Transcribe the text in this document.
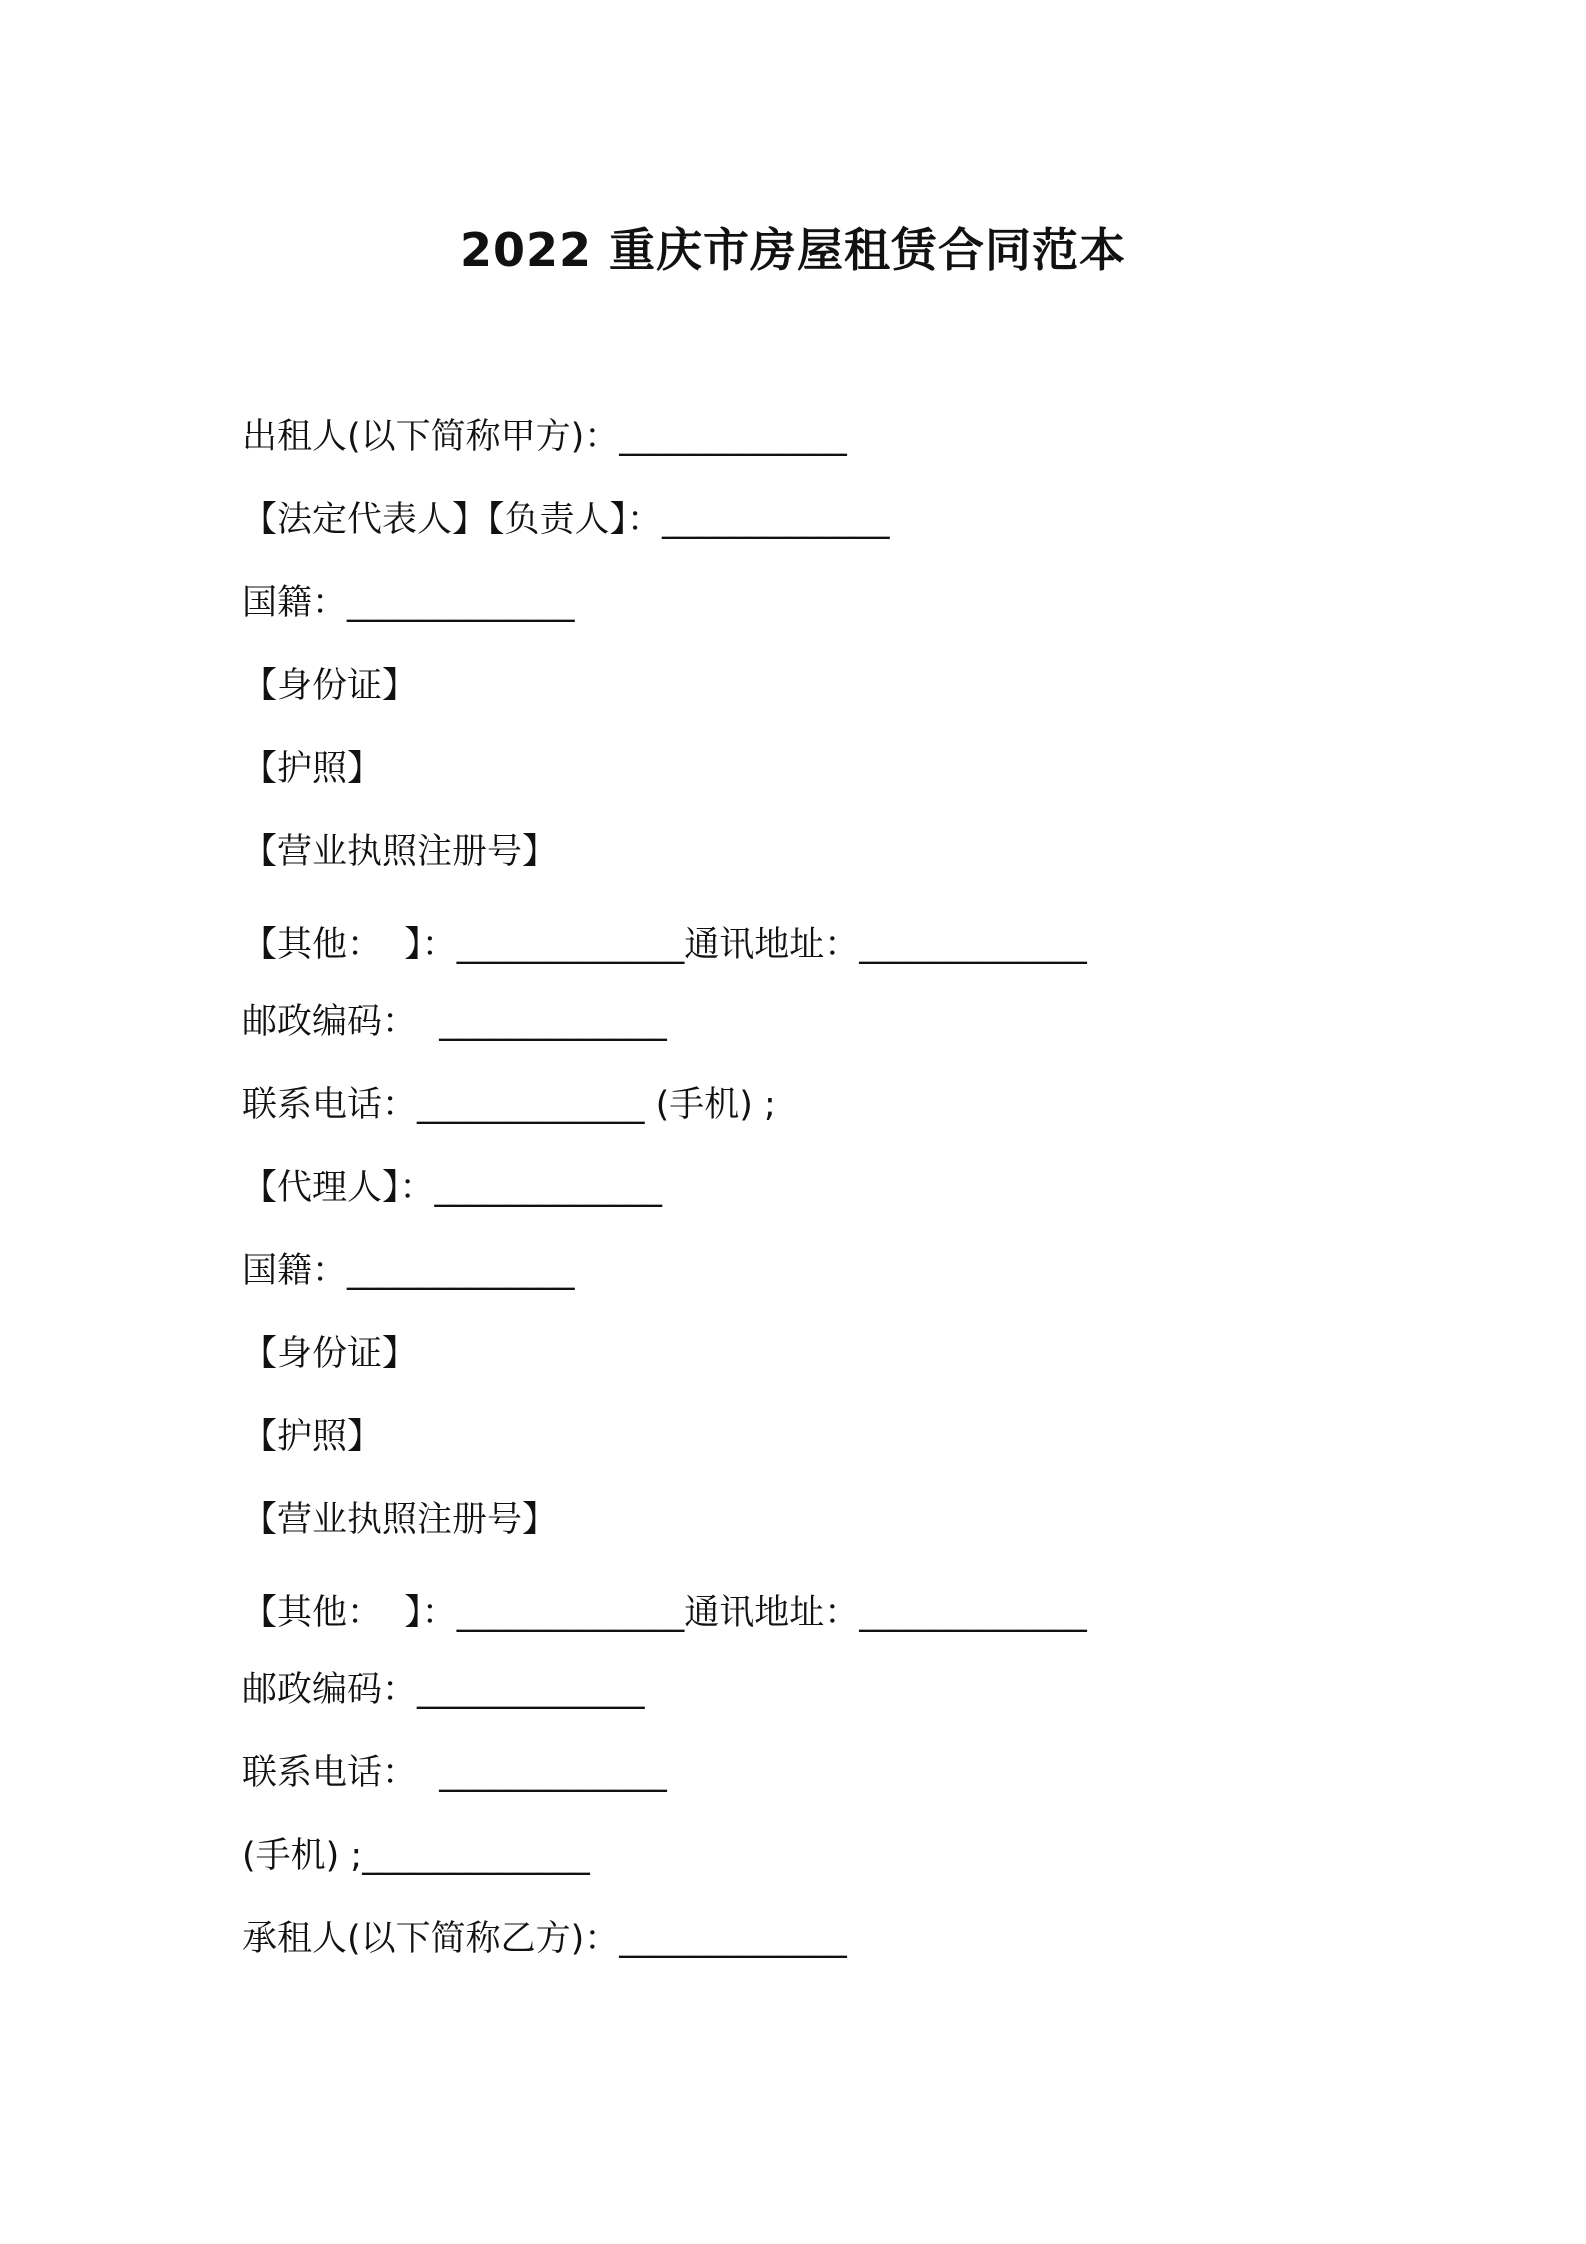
2022 重庆市房屋租赁合同范本
出租人(以下简称甲方)：_____________
【法定代表人】【负责人】：_____________
国籍：_____________
【身份证】
【护照】
【营业执照注册号】
【其他：  】：_____________通讯地址：_____________
邮政编码：  _____________
联系电话：_____________ (手机) ;
【代理人】：_____________
国籍：_____________
【身份证】
【护照】
【营业执照注册号】
【其他：  】：_____________通讯地址：_____________
邮政编码：_____________
联系电话：  _____________
(手机) ;_____________
承租人(以下简称乙方)：_____________
